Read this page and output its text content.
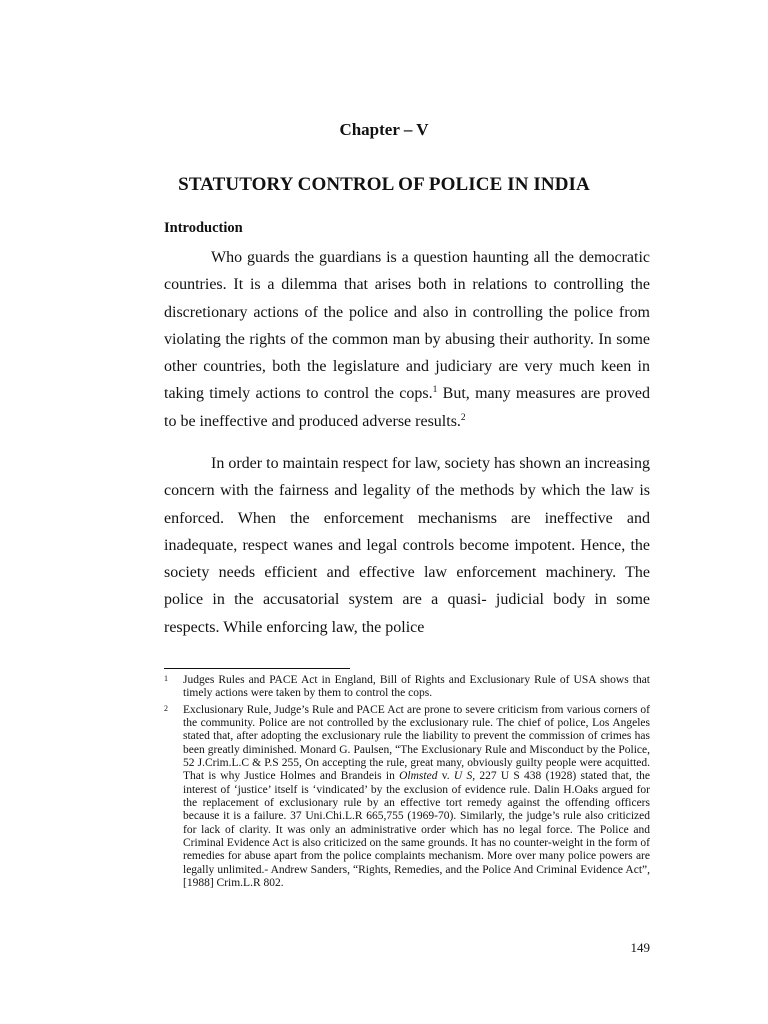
Chapter – V
STATUTORY CONTROL OF POLICE IN INDIA
Introduction

Who guards the guardians is a question haunting all the democratic countries. It is a dilemma that arises both in relations to controlling the discretionary actions of the police and also in controlling the police from violating the rights of the common man by abusing their authority. In some other countries, both the legislature and judiciary are very much keen in taking timely actions to control the cops.$^1$ But, many measures are proved to be ineffective and produced adverse results.$^2$

In order to maintain respect for law, society has shown an increasing concern with the fairness and legality of the methods by which the law is enforced. When the enforcement mechanisms are ineffective and inadequate, respect wanes and legal controls become impotent. Hence, the society needs efficient and effective law enforcement machinery. The police in the accusatorial system are a quasi- judicial body in some respects. While enforcing law, the police

1 Judges Rules and PACE Act in England, Bill of Rights and Exclusionary Rule of USA shows that timely actions were taken by them to control the cops.
2 Exclusionary Rule, Judge’s Rule and PACE Act are prone to severe criticism from various corners of the community. Police are not controlled by the exclusionary rule. The chief of police, Los Angeles stated that, after adopting the exclusionary rule the liability to prevent the commission of crimes has been greatly diminished. Monard G. Paulsen, “The Exclusionary Rule and Misconduct by the Police, 52 J.Crim.L.C & P.S 255, On accepting the rule, great many, obviously guilty people were acquitted. That is why Justice Holmes and Brandeis in Olmsted v. U S, 227 U S 438 (1928) stated that, the interest of ‘justice’ itself is ‘vindicated’ by the exclusion of evidence rule. Dalin H.Oaks argued for the replacement of exclusionary rule by an effective tort remedy against the offending officers because it is a failure. 37 Uni.Chi.L.R 665,755 (1969-70). Similarly, the judge’s rule also criticized for lack of clarity. It was only an administrative order which has no legal force. The Police and Criminal Evidence Act is also criticized on the same grounds. It has no counter-weight in the form of remedies for abuse apart from the police complaints mechanism. More over many police powers are legally unlimited.- Andrew Sanders, “Rights, Remedies, and the Police And Criminal Evidence Act”, [1988] Crim.L.R 802.
149
